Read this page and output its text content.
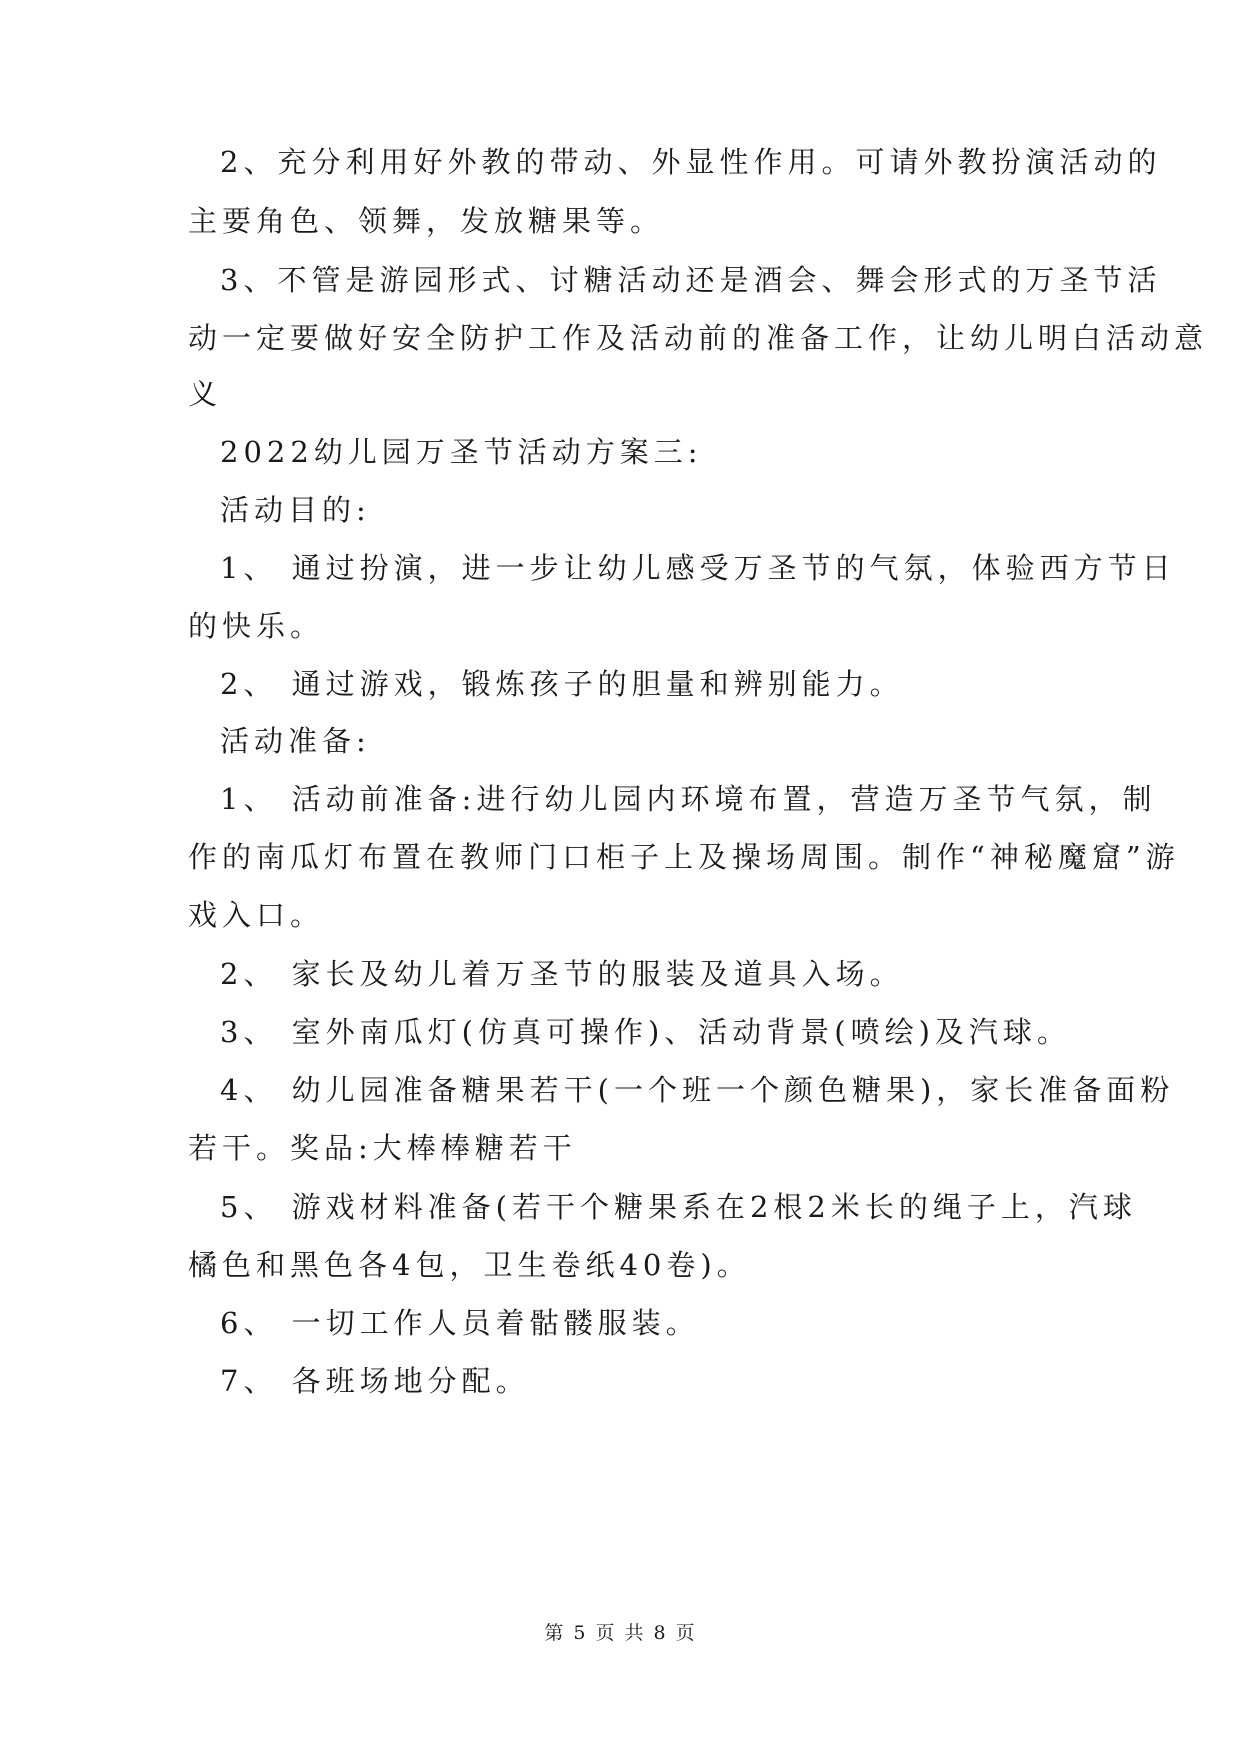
2、充分利用好外教的带动、外显性作用。可请外教扮演活动的
主要角色、领舞，发放糖果等。
3、不管是游园形式、讨糖活动还是酒会、舞会形式的万圣节活
动一定要做好安全防护工作及活动前的准备工作，让幼儿明白活动意
义
2022幼儿园万圣节活动方案三:
活动目的:
1、 通过扮演，进一步让幼儿感受万圣节的气氛，体验西方节日
的快乐。
2、 通过游戏，锻炼孩子的胆量和辨别能力。
活动准备:
1、 活动前准备:进行幼儿园内环境布置，营造万圣节气氛，制
作的南瓜灯布置在教师门口柜子上及操场周围。制作“神秘魔窟”游
戏入口。
2、 家长及幼儿着万圣节的服装及道具入场。
3、 室外南瓜灯(仿真可操作)、活动背景(喷绘)及汽球。
4、 幼儿园准备糖果若干(一个班一个颜色糖果)，家长准备面粉
若干。奖品:大棒棒糖若干
5、 游戏材料准备(若干个糖果系在2根2米长的绳子上，汽球
橘色和黑色各4包，卫生卷纸40卷)。
6、 一切工作人员着骷髅服装。
7、 各班场地分配。
第 5 页 共 8 页
